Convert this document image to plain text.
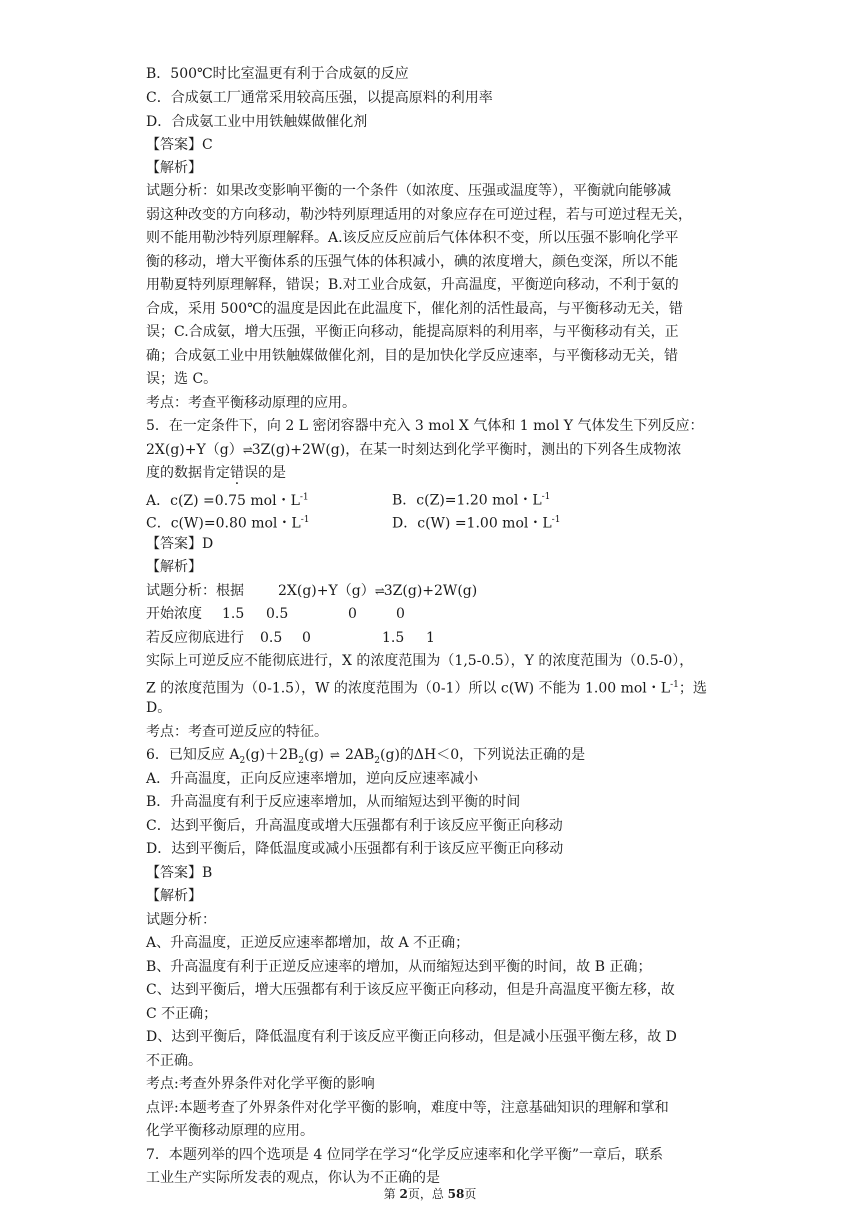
B．500℃时比室温更有利于合成氨的反应

C．合成氨工厂通常采用较高压强，以提高原料的利用率

D．合成氨工业中用铁触媒做催化剂

【答案】C

【解析】

试题分析：如果改变影响平衡的一个条件（如浓度、压强或温度等），平衡就向能够减

弱这种改变的方向移动，勒沙特列原理适用的对象应存在可逆过程，若与可逆过程无关，

则不能用勒沙特列原理解释。A.该反应反应前后气体体积不变，所以压强不影响化学平

衡的移动，增大平衡体系的压强气体的体积减小，碘的浓度增大，颜色变深，所以不能

用勒夏特列原理解释，错误；B.对工业合成氨，升高温度，平衡逆向移动，不利于氨的

合成，采用 500℃的温度是因此在此温度下，催化剂的活性最高，与平衡移动无关，错

误；C.合成氨，增大压强，平衡正向移动，能提高原料的利用率，与平衡移动有关，正

确；合成氨工业中用铁触媒做催化剂，目的是加快化学反应速率，与平衡移动无关，错

误；选 C。

考点：考查平衡移动原理的应用。

5．在一定条件下，向 2 L 密闭容器中充入 3 mol X 气体和 1 mol Y 气体发生下列反应：

2X(g)+Y（g）⇌3Z(g)+2W(g)，在某一时刻达到化学平衡时，测出的下列各生成物浓

度的数据肯定错误的是

A．c(Z) =0.75 mol・$L^{-1}$	B．c(Z)=1.20 mol・$L^{-1}$

C．c(W)=0.80 mol・$L^{-1}$	D．c(W) =1.00 mol・$L^{-1}$

【答案】D

【解析】

试题分析：根据 2X(g)+Y（g）⇌3Z(g)+2W(g)

开始浓度 1.5 0.5	0	0

若反应彻底进行 0.5 0	1.5 1

实际上可逆反应不能彻底进行，X 的浓度范围为（1,5-0.5），Y 的浓度范围为（0.5-0），

Z 的浓度范围为（0-1.5），W 的浓度范围为（0-1）所以 c(W) 不能为 1.00 mol・$L^{-1}$；选

D。

考点：考查可逆反应的特征。

6．已知反应 $A_2(g)+2B_2(g)$ ⇌ $2AB_2(g)$的ΔH＜0，下列说法正确的是

A．升高温度，正向反应速率增加，逆向反应速率减小

B．升高温度有利于反应速率增加，从而缩短达到平衡的时间

C．达到平衡后，升高温度或增大压强都有利于该反应平衡正向移动

D．达到平衡后，降低温度或减小压强都有利于该反应平衡正向移动

【答案】B

【解析】

试题分析：

A、升高温度，正逆反应速率都增加，故 A 不正确；

B、升高温度有利于正逆反应速率的增加，从而缩短达到平衡的时间，故 B 正确；

C、达到平衡后，增大压强都有利于该反应平衡正向移动，但是升高温度平衡左移，故

C 不正确；

D、达到平衡后，降低温度有利于该反应平衡正向移动，但是减小压强平衡左移，故 D

不正确。

考点:考查外界条件对化学平衡的影响

点评:本题考查了外界条件对化学平衡的影响，难度中等，注意基础知识的理解和掌和

化学平衡移动原理的应用。

7．本题列举的四个选项是 4 位同学在学习“化学反应速率和化学平衡”一章后，联系

工业生产实际所发表的观点，你认为不正确的是

第 2页，总 58页
